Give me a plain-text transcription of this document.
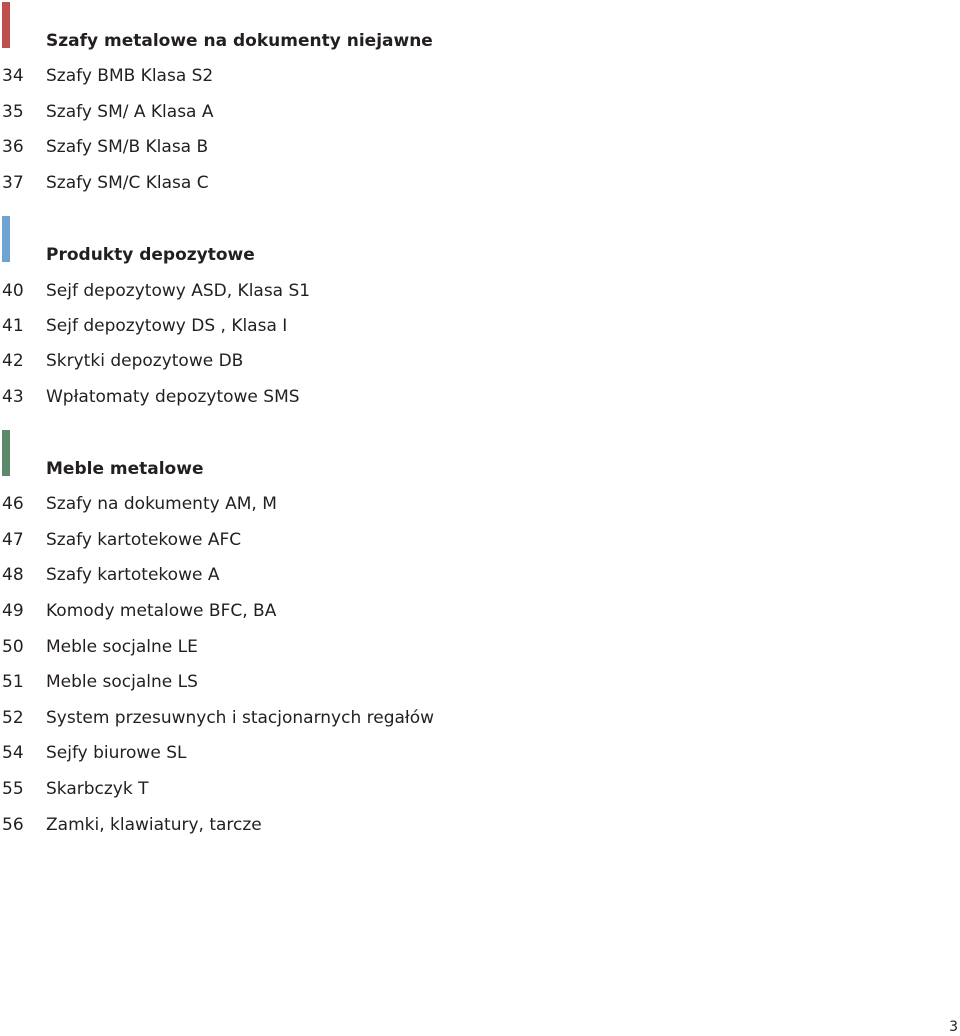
Szafy metalowe na dokumenty niejawne
34 Szafy BMB Klasa S2
35 Szafy SM/ A Klasa A
36 Szafy SM/B Klasa B
37 Szafy SM/C Klasa C
Produkty depozytowe
40 Sejf depozytowy ASD, Klasa S1
41 Sejf depozytowy DS , Klasa I
42 Skrytki depozytowe DB
43 Wpłatomaty depozytowe SMS
Meble metalowe
46 Szafy na dokumenty AM, M
47 Szafy kartotekowe AFC
48 Szafy kartotekowe A
49 Komody metalowe BFC, BA
50 Meble socjalne LE
51 Meble socjalne LS
52 System przesuwnych i stacjonarnych regałów
54 Sejfy biurowe SL
55 Skarbczyk T
56 Zamki, klawiatury, tarcze
3
